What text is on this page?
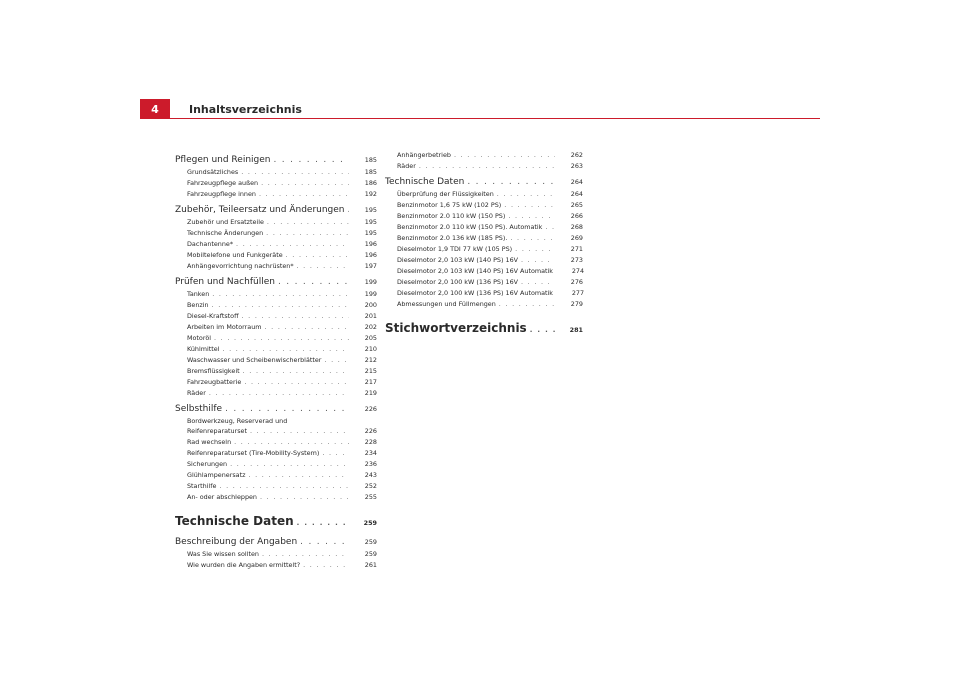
4	Inhaltsverzeichnis
Pflegen und Reinigen . . .	185
Grundsätzliches . . .	185
Fahrzeugpflege außen . . .	186
Fahrzeugpflege innen . . .	192
Zubehör, Teileersatz und Änderungen . . .	195
Zubehör und Ersatzteile . . .	195
Technische Änderungen . . .	195
Dachantenne* . . .	196
Mobiltelefone und Funkgeräte . . .	196
Anhängevorrichtung nachrüsten* . . .	197
Prüfen und Nachfüllen . . .	199
Tanken . . .	199
Benzin . . .	200
Diesel-Kraftstoff . . .	201
Arbeiten im Motorraum . . .	202
Motoröl . . .	205
Kühlmittel . . .	210
Waschwasser und Scheibenwischerblätter . . .	212
Bremsflüssigkeit . . .	215
Fahrzeugbatterie . . .	217
Räder . . .	219
Selbsthilfe . . .	226
Bordwerkzeug, Reserverad und
Reifenreparaturset . . .	226
Rad wechseln . . .	228
Reifenreparaturset (Tire-Mobility-System) . . .	234
Sicherungen . . .	236
Glühlampenersatz . . .	243
Starthilfe . . .	252
An- oder abschleppen . . .	255
Technische Daten . . .	259
Beschreibung der Angaben . . .	259
Was Sie wissen sollten . . .	259
Wie wurden die Angaben ermittelt? . . .	261
Anhängerbetrieb . . .	262
Räder . . .	263
Technische Daten . . .	264
Überprüfung der Flüssigkeiten . . .	264
Benzinmotor 1,6 75 kW (102 PS) . . .	265
Benzinmotor 2.0 110 kW (150 PS) . . .	266
Benzinmotor 2.0 110 kW (150 PS). Automatik . . .	268
Benzinmotor 2.0 136 kW (185 PS). . . .	269
Dieselmotor 1,9 TDI 77 kW (105 PS) . . .	271
Dieselmotor 2,0 103 kW (140 PS) 16V . . .	273
Dieselmotor 2,0 103 kW (140 PS) 16V Automatik	274
Dieselmotor 2,0 100 kW (136 PS) 16V . . .	276
Dieselmotor 2,0 100 kW (136 PS) 16V Automatik	277
Abmessungen und Füllmengen . . .	279
Stichwortverzeichnis . . .	281
